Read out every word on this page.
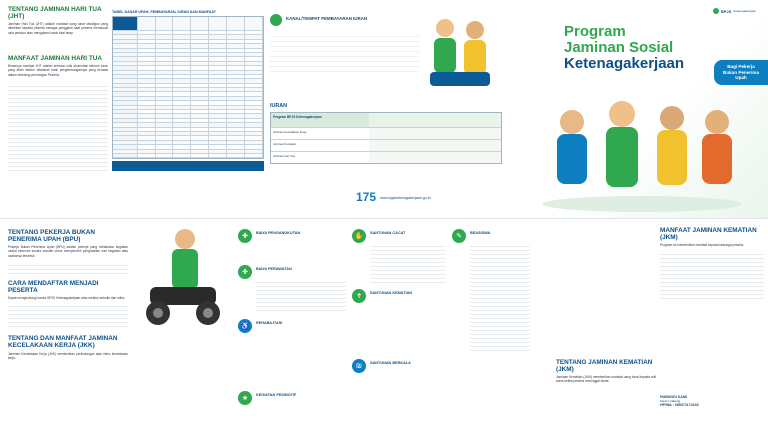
TENTANG JAMINAN HARI TUA (JHT)

Jaminan Hari Tua (JHT) adalah manfaat uang tunai sekaligus yang diberikan kepada peserta sebagai pengganti saat peserta memasuki usia pensiun atau mengalami cacat total tetap.

MANFAAT JAMINAN HARI TUA

Besarnya manfaat JHT adalah sebesar nilai akumulasi seluruh iuran yang telah disetor ditambah hasil pengembangannya yang tercatat dalam rekening perorangan Peserta.

TABEL DASAR UPAH, PEMBAYARAN, IURAN DAN MANFAAT
KANAL/TEMPAT PEMBAYARAN IURAN
IURAN
Program BPJS Ketenagakerjaan
Jaminan Kecelakaan Kerja
Jaminan Kematian
Jaminan Hari Tua
175 www.bpjsketenagakerjaan.go.id
BPJS Ketenagakerjaan
Program
Jaminan Sosial
Ketenagakerjaan	Bagi Pekerja Bukan Penerima Upah
TENTANG PEKERJA BUKAN PENERIMA UPAH (BPU)

Pekerja Bukan Penerima Upah (BPU) adalah pekerja yang melakukan kegiatan usaha ekonomi secara mandiri untuk memperoleh penghasilan dari kegiatan atau usahanya tersebut.

CARA MENDAFTAR MENJADI PESERTA

Dapat menghubungi kantor BPJS Ketenagakerjaan atau melalui website dan mitra.

TENTANG DAN MANFAAT JAMINAN KECELAKAAN KERJA (JKK)

Jaminan Kecelakaan Kerja (JKK) memberikan perlindungan atas risiko kecelakaan kerja.

✚	BIAYA PENGANGKUTAN
✚	BIAYA PERAWATAN
♿	REHABILITASI
★	KEGIATAN PROMOTIF
✋	SANTUNAN CACAT
✝	SANTUNAN KEMATIAN
₪	SANTUNAN BERKALA
✎	BEASISWA	MANFAAT JAMINAN KEMATIAN (JKM)

Program ini memberikan manfaat kepada keluarga peserta.

TENTANG JAMINAN KEMATIAN (JKM)

Jaminan Kematian (JKM) memberikan manfaat uang tunai kepada ahli waris ketika peserta meninggal dunia.

HUBUNGI KAMI
Kantor Cabang
HP/WA : 085371174243
